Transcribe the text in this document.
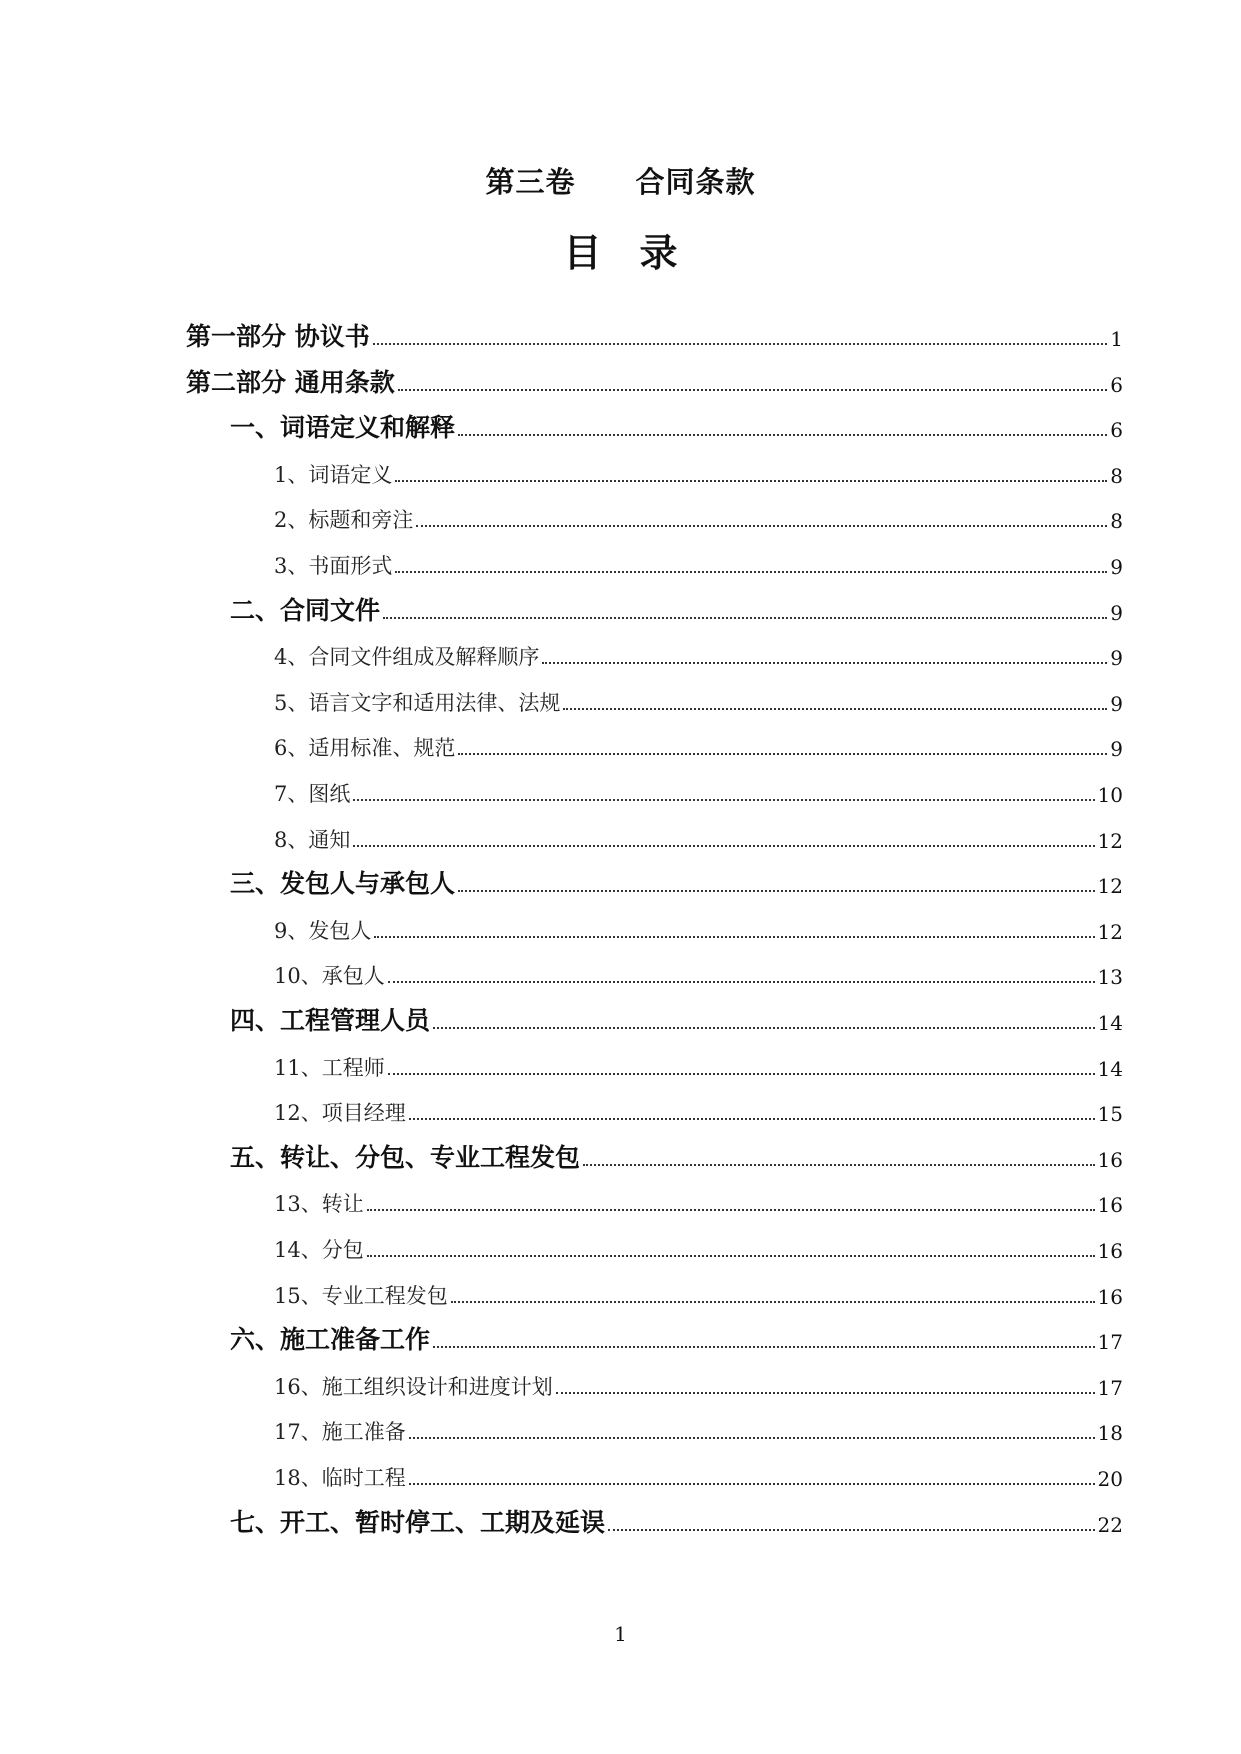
第三卷　　合同条款
目　录
第一部分 协议书	1
第二部分 通用条款	6
一、词语定义和解释	6
1、词语定义	8
2、标题和旁注	8
3、书面形式	9
二、合同文件	9
4、合同文件组成及解释顺序	9
5、语言文字和适用法律、法规	9
6、适用标准、规范	9
7、图纸	10
8、通知	12
三、发包人与承包人	12
9、发包人	12
10、承包人	13
四、工程管理人员	14
11、工程师	14
12、项目经理	15
五、转让、分包、专业工程发包	16
13、转让	16
14、分包	16
15、专业工程发包	16
六、施工准备工作	17
16、施工组织设计和进度计划	17
17、施工准备	18
18、临时工程	20
七、开工、暂时停工、工期及延误	22
1
